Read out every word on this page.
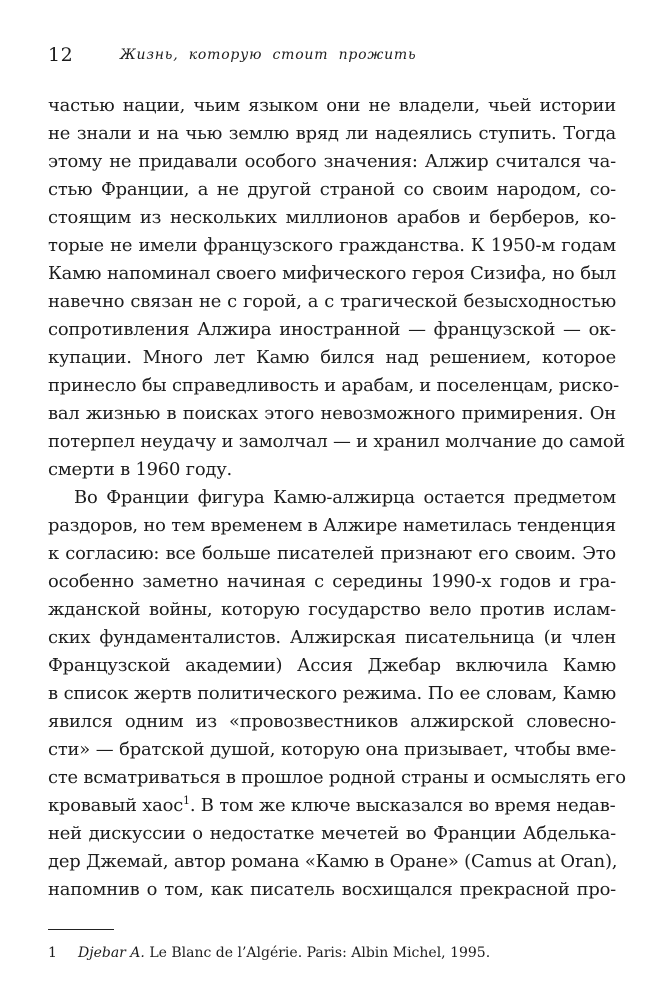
12	Жизнь, которую стоит прожить
частью нации, чьим языком они не владели, чьей истории
не знали и на чью землю вряд ли надеялись ступить. Тогда
этому не придавали особого значения: Алжир считался ча-
стью Франции, а не другой страной со своим народом, со-
стоящим из нескольких миллионов арабов и берберов, ко-
торые не имели французского гражданства. К 1950-м годам
Камю напоминал своего мифического героя Сизифа, но был
навечно связан не с горой, а с трагической безысходностью
сопротивления Алжира иностранной — французской — ок-
купации. Много лет Камю бился над решением, которое
принесло бы справедливость и арабам, и поселенцам, риско-
вал жизнью в поисках этого невозможного примирения. Он
потерпел неудачу и замолчал — и хранил молчание до самой
смерти в 1960 году.
Во Франции фигура Камю-алжирца остается предметом
раздоров, но тем временем в Алжире наметилась тенденция
к согласию: все больше писателей признают его своим. Это
особенно заметно начиная с середины 1990-х годов и гра-
жданской войны, которую государство вело против ислам-
ских фундаменталистов. Алжирская писательница (и член
Французской академии) Ассия Джебар включила Камю
в список жертв политического режима. По ее словам, Камю
явился одним из «провозвестников алжирской словесно-
сти» — братской душой, которую она призывает, чтобы вме-
сте всматриваться в прошлое родной страны и осмыслять его
кровавый хаос$^1$. В том же ключе высказался во время недав-
ней дискуссии о недостатке мечетей во Франции Абделька-
дер Джемай, автор романа «Камю в Оране» (Camus at Oran),
напомнив о том, как писатель восхищался прекрасной про-
1 Djebar A. Le Blanc de l’Algérie. Paris: Albin Michel, 1995.
